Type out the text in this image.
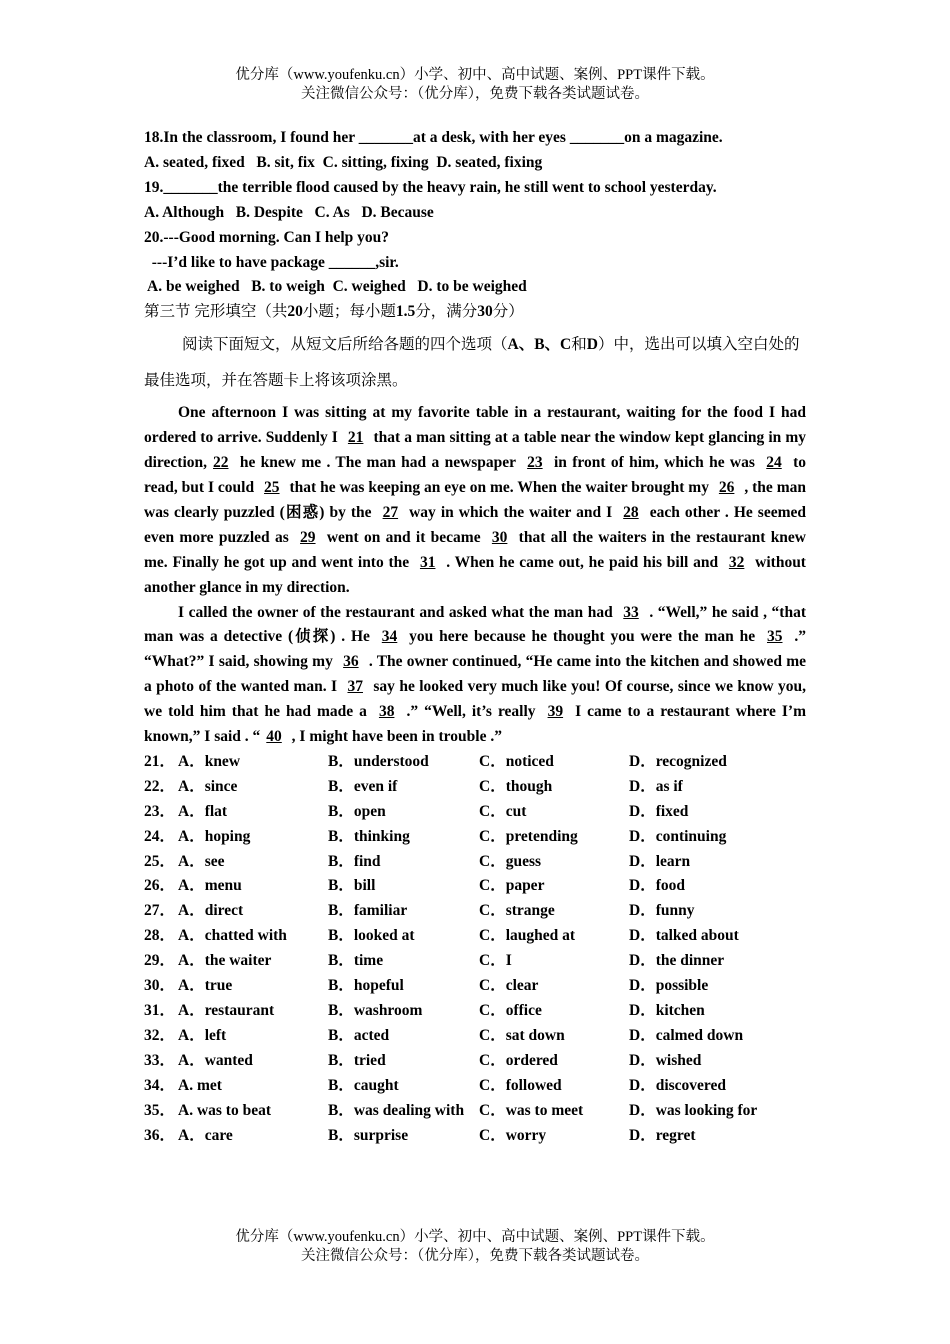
优分库（www.youfenku.cn）小学、初中、高中试题、案例、PPT课件下载。
关注微信公众号：（优分库），免费下载各类试题试卷。
18.In the classroom, I found her _______at a desk, with her eyes _______on a magazine.
A. seated, fixed   B. sit, fix  C. sitting, fixing  D. seated, fixing
19._______the terrible flood caused by the heavy rain, he still went to school yesterday.
A. Although   B. Despite   C. As   D. Because
20.---Good morning. Can I help you?
---I’d like to have package ______,sir.
A. be weighed   B. to weigh  C. weighed   D. to be weighed
第三节 完形填空（共20小题；每小题1.5分，满分30分）
阅读下面短文，从短文后所给各题的四个选项（A、B、C和D）中，选出可以填入空白处的最佳选项，并在答题卡上将该项涂黑。
One afternoon I was sitting at my favorite table in a restaurant, waiting for the food I had ordered to arrive. Suddenly I 21 that a man sitting at a table near the window kept glancing in my direction, 22 he knew me . The man had a newspaper 23 in front of him, which he was 24 to read, but I could 25 that he was keeping an eye on me. When the waiter brought my 26 , the man was clearly puzzled (困惑) by the 27 way in which the waiter and I 28 each other . He seemed even more puzzled as 29 went on and it became 30 that all the waiters in the restaurant knew me. Finally he got up and went into the 31 . When he came out, he paid his bill and 32 without another glance in my direction.
I called the owner of the restaurant and asked what the man had 33 . “Well,” he said , “that man was a detective (侦探) . He 34 you here because he thought you were the man he 35 .” “What?” I said, showing my 36 . The owner continued, “He came into the kitchen and showed me a photo of the wanted man. I 37 say he looked very much like you! Of course, since we know you, we told him that he had made a 38 .” “Well, it’s really 39 I came to a restaurant where I’m known,” I said . “ 40 , I might have been in trouble .”
21． A．knew	B．understood	C．noticed	D．recognized
22． A．since	B．even if	C．though	D．as if
23． A．flat	B．open	C．cut	D．fixed
24． A．hoping	B．thinking	C．pretending	D．continuing
25． A．see	B．find	C．guess	D．learn
26． A．menu	B．bill	C．paper	D．food
27． A．direct	B．familiar	C．strange	D．funny
28． A．chatted with	B．looked at	C．laughed at	D．talked about
29． A．the waiter	B．time	C．I	D．the dinner
30． A．true	B．hopeful	C．clear	D．possible
31． A．restaurant	B．washroom	C．office	D．kitchen
32． A．left	B．acted	C．sat down	D．calmed down
33． A．wanted	B．tried	C．ordered	D．wished
34． A. met	B．caught	C．followed	D．discovered
35． A. was to beat	B．was dealing with C．was to meet	D．was looking for
36． A．care	B．surprise	C．worry	D．regret
优分库（www.youfenku.cn）小学、初中、高中试题、案例、PPT课件下载。
关注微信公众号：（优分库），免费下载各类试题试卷。
